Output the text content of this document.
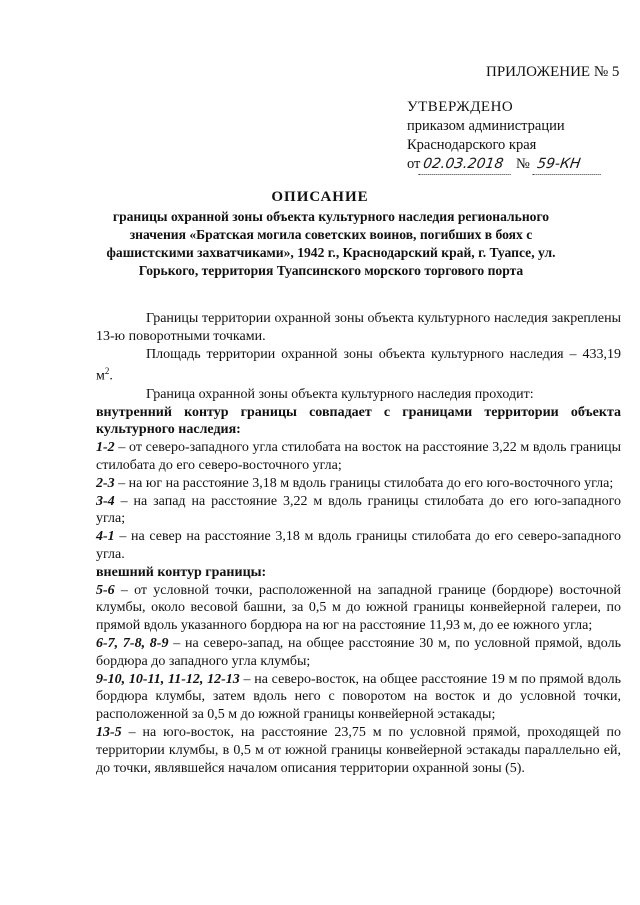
ПРИЛОЖЕНИЕ № 5
УТВЕРЖДЕНО
приказом администрации
Краснодарского края
от 02.03.2018 № 59-КН
ОПИСАНИЕ
границы охранной зоны объекта культурного наследия регионального значения «Братская могила советских воинов, погибших в боях с фашистскими захватчиками», 1942 г., Краснодарский край, г. Туапсе, ул. Горького, территория Туапсинского морского торгового порта

Границы территории охранной зоны объекта культурного наследия закреплены 13-ю поворотными точками.

Площадь территории охранной зоны объекта культурного наследия – 433,19 $м^2$.

Граница охранной зоны объекта культурного наследия проходит:

внутренний контур границы совпадает с границами территории объекта культурного наследия:

1-2 – от северо-западного угла стилобата на восток на расстояние 3,22 м вдоль границы стилобата до его северо-восточного угла;

2-3 – на юг на расстояние 3,18 м вдоль границы стилобата до его юго-восточного угла;

3-4 – на запад на расстояние 3,22 м вдоль границы стилобата до его юго-западного угла;

4-1 – на север на расстояние 3,18 м вдоль границы стилобата до его северо-западного угла.

внешний контур границы:

5-6 – от условной точки, расположенной на западной границе (бордюре) восточной клумбы, около весовой башни, за 0,5 м до южной границы конвейерной галереи, по прямой вдоль указанного бордюра на юг на расстояние 11,93 м, до ее южного угла;

6-7, 7-8, 8-9 – на северо-запад, на общее расстояние 30 м, по условной прямой, вдоль бордюра до западного угла клумбы;

9-10, 10-11, 11-12, 12-13 – на северо-восток, на общее расстояние 19 м по прямой вдоль бордюра клумбы, затем вдоль него с поворотом на восток и до условной точки, расположенной за 0,5 м до южной границы конвейерной эстакады;

13-5 – на юго-восток, на расстояние 23,75 м по условной прямой, проходящей по территории клумбы, в 0,5 м от южной границы конвейерной эстакады параллельно ей, до точки, являвшейся началом описания территории охранной зоны (5).
